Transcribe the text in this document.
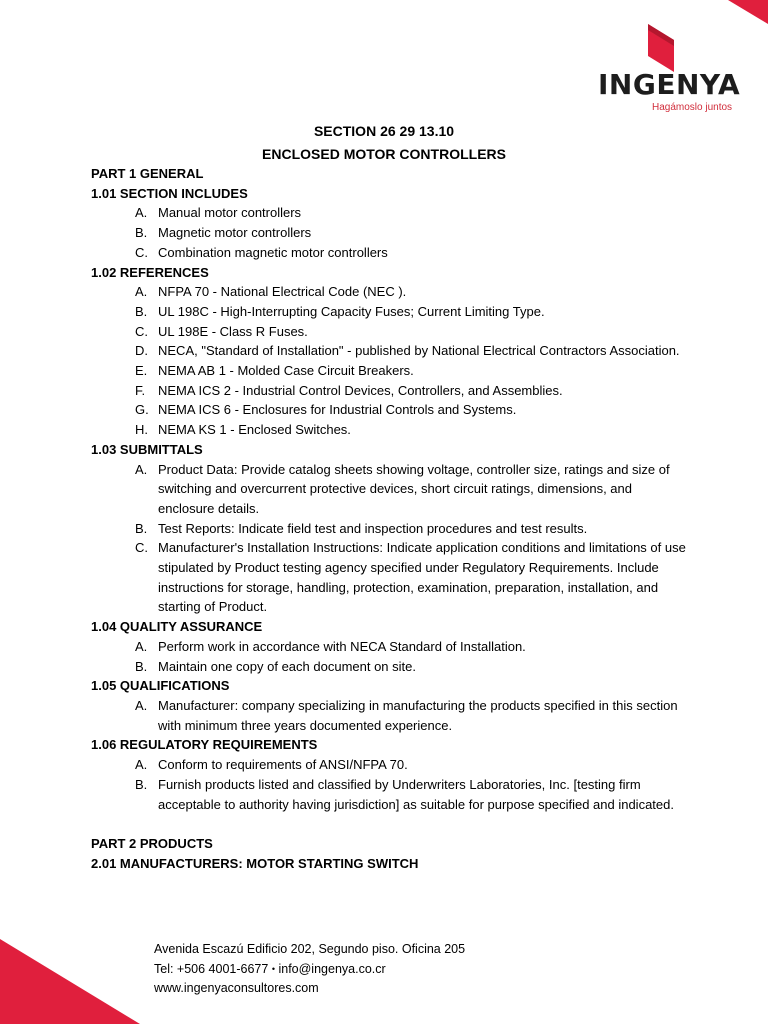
INGENYA
Hagámoslo juntos
SECTION 26 29 13.10
ENCLOSED MOTOR CONTROLLERS
PART 1 GENERAL
1.01 SECTION INCLUDES
A. Manual motor controllers
B. Magnetic motor controllers
C. Combination magnetic motor controllers
1.02 REFERENCES
A. NFPA 70 - National Electrical Code (NEC ).
B. UL 198C - High-Interrupting Capacity Fuses; Current Limiting Type.
C. UL 198E - Class R Fuses.
D. NECA, "Standard of Installation" - published by National Electrical Contractors Association.
E. NEMA AB 1 - Molded Case Circuit Breakers.
F. NEMA ICS 2 - Industrial Control Devices, Controllers, and Assemblies.
G. NEMA ICS 6 - Enclosures for Industrial Controls and Systems.
H. NEMA KS 1 - Enclosed Switches.
1.03 SUBMITTALS
A. Product Data: Provide catalog sheets showing voltage, controller size, ratings and size of switching and overcurrent protective devices, short circuit ratings, dimensions, and enclosure details.
B. Test Reports: Indicate field test and inspection procedures and test results.
C. Manufacturer's Installation Instructions: Indicate application conditions and limitations of use stipulated by Product testing agency specified under Regulatory Requirements. Include instructions for storage, handling, protection, examination, preparation, installation, and starting of Product.
1.04 QUALITY ASSURANCE
A. Perform work in accordance with NECA Standard of Installation.
B. Maintain one copy of each document on site.
1.05 QUALIFICATIONS
A. Manufacturer: company specializing in manufacturing the products specified in this section with minimum three years documented experience.
1.06 REGULATORY REQUIREMENTS
A. Conform to requirements of ANSI/NFPA 70.
B. Furnish products listed and classified by Underwriters Laboratories, Inc. [testing firm acceptable to authority having jurisdiction] as suitable for purpose specified and indicated.
PART 2 PRODUCTS
2.01 MANUFACTURERS: MOTOR STARTING SWITCH
Avenida Escazú Edificio 202, Segundo piso. Oficina 205
Tel: +506 4001-6677 • info@ingenya.co.cr
www.ingenyaconsultores.com
